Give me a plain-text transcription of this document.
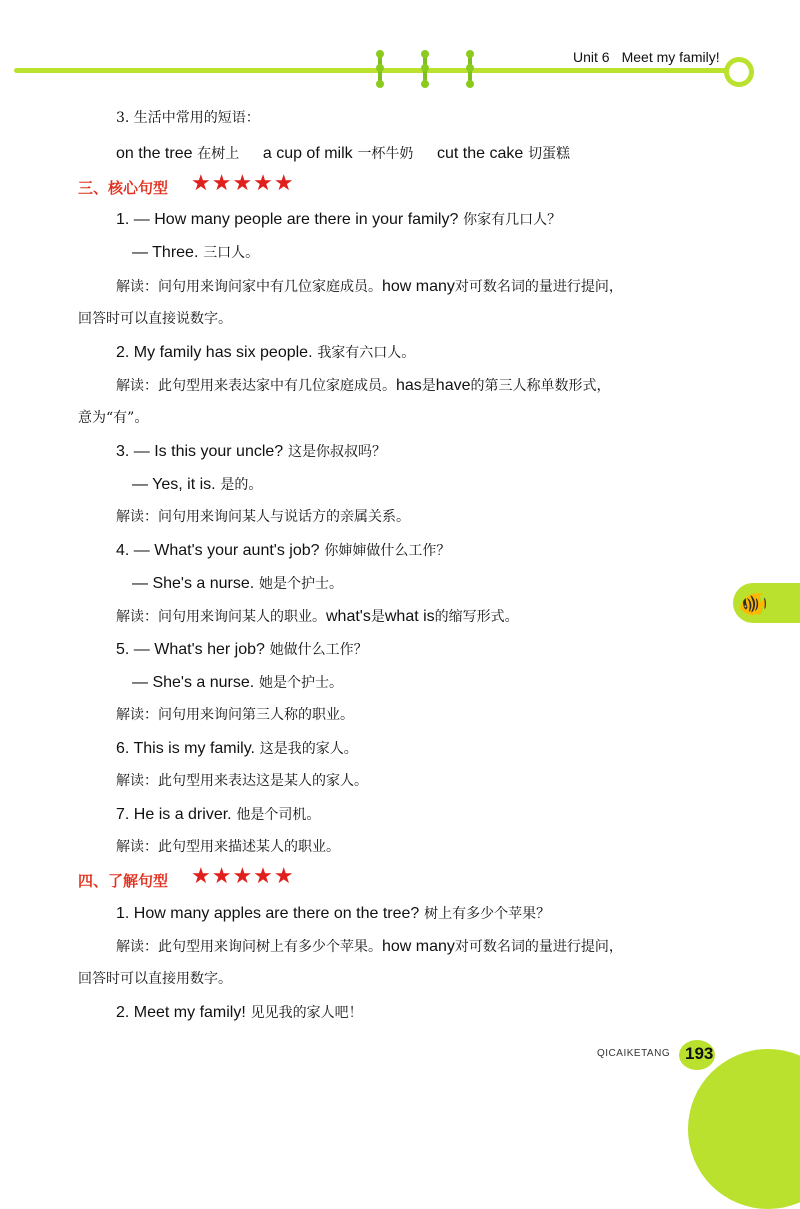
Unit 6 Meet my family!
3. 生活中常用的短语：
on the tree 在树上 a cup of milk 一杯牛奶 cut the cake 切蛋糕
三、核心句型 ★★★★★
1. — How many people are there in your family? 你家有几口人？
— Three. 三口人。
解读：问句用来询问家中有几位家庭成员。how many对可数名词的量进行提问，
回答时可以直接说数字。
2. My family has six people. 我家有六口人。
解读：此句型用来表达家中有几位家庭成员。has是have的第三人称单数形式，
意为“有”。
3. — Is this your uncle? 这是你叔叔吗？
— Yes, it is. 是的。
解读：问句用来询问某人与说话方的亲属关系。
4. — What's your aunt's job? 你婶婶做什么工作？
— She's a nurse. 她是个护士。
解读：问句用来询问某人的职业。what's是what is的缩写形式。
5. — What's her job? 她做什么工作？
— She's a nurse. 她是个护士。
解读：问句用来询问第三人称的职业。
6. This is my family. 这是我的家人。
解读：此句型用来表达这是某人的家人。
7. He is a driver. 他是个司机。
解读：此句型用来描述某人的职业。
四、了解句型 ★★★★★
1. How many apples are there on the tree? 树上有多少个苹果？
解读：此句型用来询问树上有多少个苹果。how many对可数名词的量进行提问，
回答时可以直接用数字。
2. Meet my family! 见见我的家人吧！
🐠
QICAIKETANG 193
